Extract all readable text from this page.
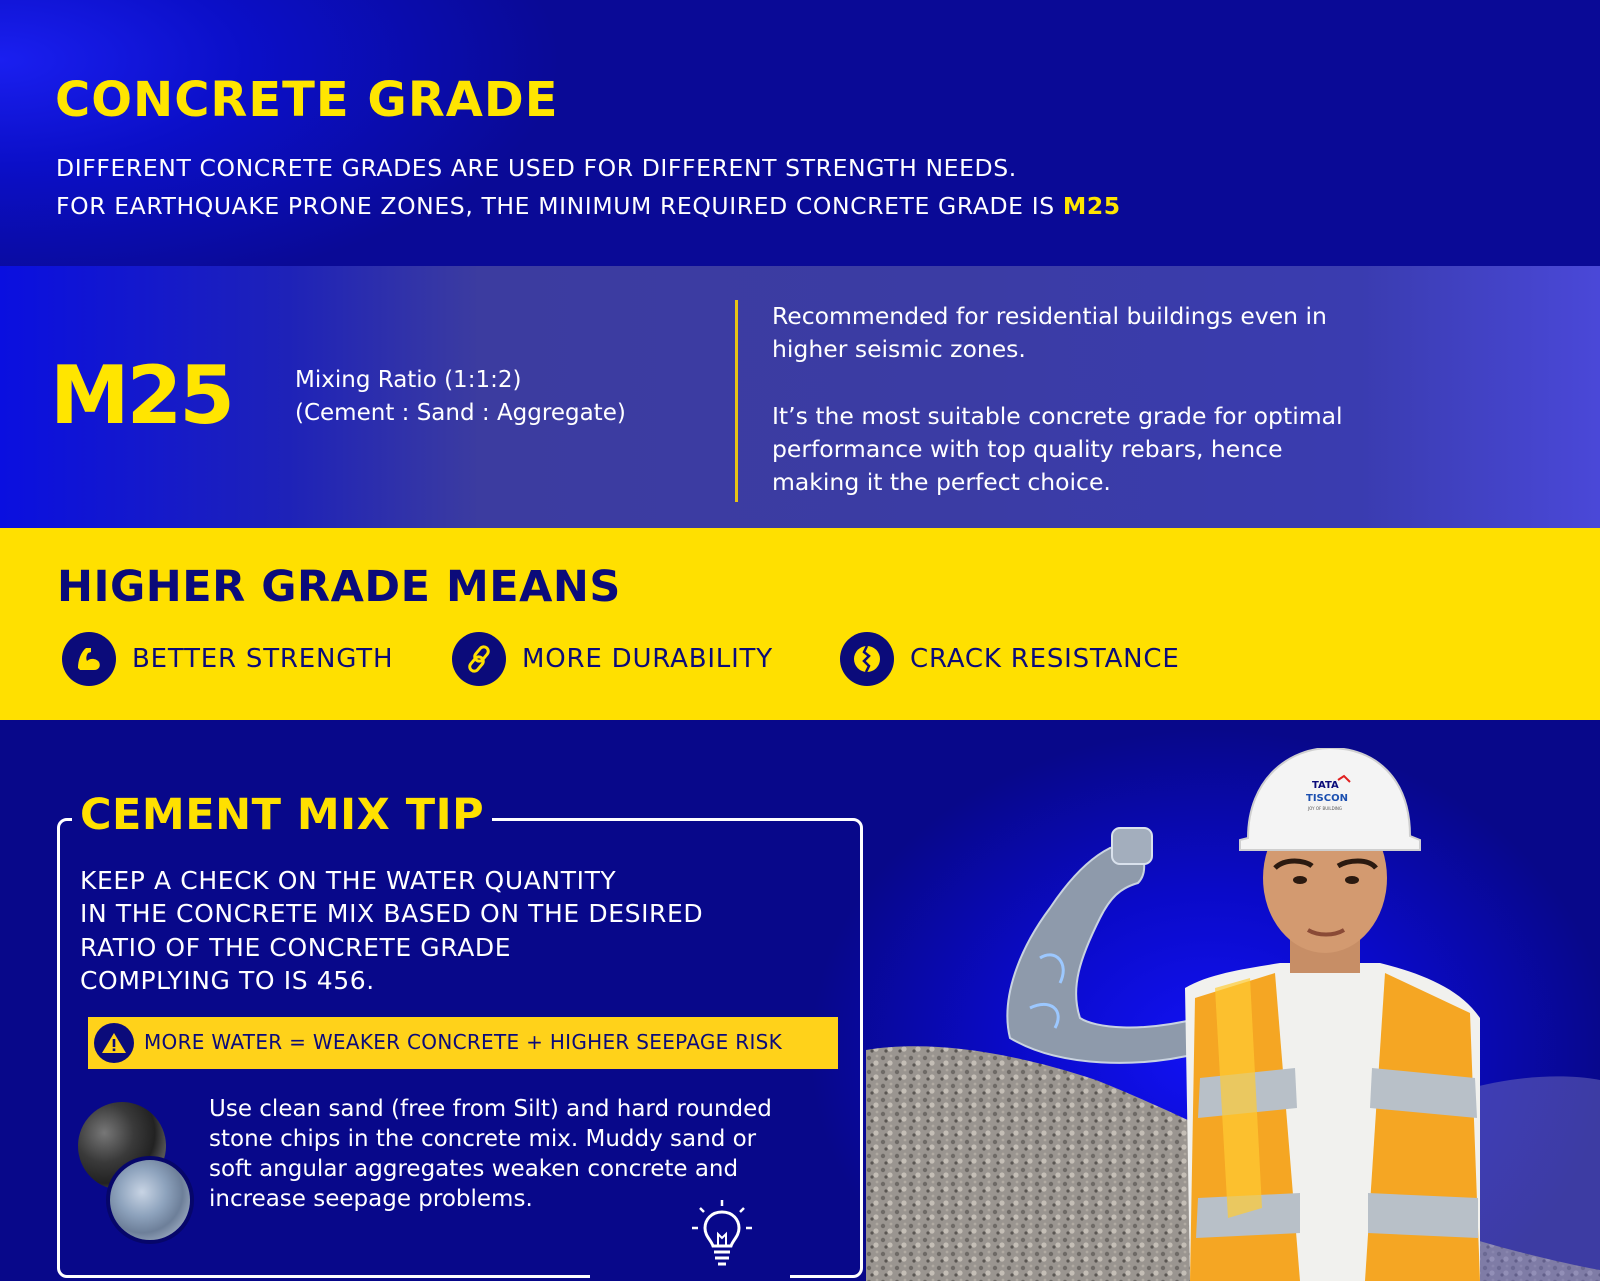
CONCRETE GRADE
DIFFERENT CONCRETE GRADES ARE USED FOR DIFFERENT STRENGTH NEEDS.
FOR EARTHQUAKE PRONE ZONES, THE MINIMUM REQUIRED CONCRETE GRADE IS M25
M25	Mixing Ratio (1:1:2)
(Cement : Sand : Aggregate)
Recommended for residential buildings even in
higher seismic zones.
It’s the most suitable concrete grade for optimal
performance with top quality rebars, hence
making it the perfect choice.
HIGHER GRADE MEANS
BETTER STRENGTH	MORE DURABILITY	CRACK RESISTANCE
TATA
TISCON
JOY OF BUILDING
CEMENT MIX TIP
KEEP A CHECK ON THE WATER QUANTITY
IN THE CONCRETE MIX BASED ON THE DESIRED
RATIO OF THE CONCRETE GRADE
COMPLYING TO IS 456.
MORE WATER = WEAKER CONCRETE + HIGHER SEEPAGE RISK
Use clean sand (free from Silt) and hard rounded
stone chips in the concrete mix. Muddy sand or
soft angular aggregates weaken concrete and
increase seepage problems.
